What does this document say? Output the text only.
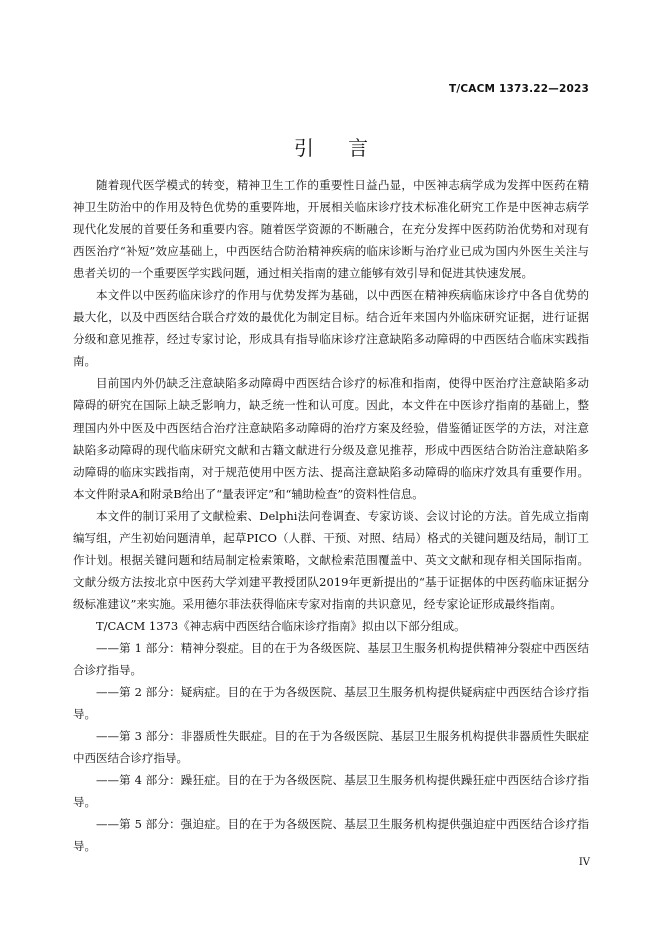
T/CACM 1373.22—2023
引 言

随着现代医学模式的转变，精神卫生工作的重要性日益凸显，中医神志病学成为发挥中医药在精神卫生防治中的作用及特色优势的重要阵地，开展相关临床诊疗技术标准化研究工作是中医神志病学现代化发展的首要任务和重要内容。随着医学资源的不断融合，在充分发挥中医药防治优势和对现有西医治疗“补短”效应基础上，中西医结合防治精神疾病的临床诊断与治疗业已成为国内外医生关注与患者关切的一个重要医学实践问题，通过相关指南的建立能够有效引导和促进其快速发展。

本文件以中医药临床诊疗的作用与优势发挥为基础，以中西医在精神疾病临床诊疗中各自优势的最大化，以及中西医结合联合疗效的最优化为制定目标。结合近年来国内外临床研究证据，进行证据分级和意见推荐，经过专家讨论，形成具有指导临床诊疗注意缺陷多动障碍的中西医结合临床实践指南。

目前国内外仍缺乏注意缺陷多动障碍中西医结合诊疗的标准和指南，使得中医治疗注意缺陷多动障碍的研究在国际上缺乏影响力，缺乏统一性和认可度。因此，本文件在中医诊疗指南的基础上，整理国内外中医及中西医结合治疗注意缺陷多动障碍的治疗方案及经验，借鉴循证医学的方法，对注意缺陷多动障碍的现代临床研究文献和古籍文献进行分级及意见推荐，形成中西医结合防治注意缺陷多动障碍的临床实践指南，对于规范使用中医方法、提高注意缺陷多动障碍的临床疗效具有重要作用。本文件附录A和附录B给出了“量表评定”和“辅助检查”的资料性信息。

本文件的制订采用了文献检索、Delphi法问卷调查、专家访谈、会议讨论的方法。首先成立指南编写组，产生初始问题清单，起草PICO（人群、干预、对照、结局）格式的关键问题及结局，制订工作计划。根据关键问题和结局制定检索策略，文献检索范围覆盖中、英文文献和现存相关国际指南。文献分级方法按北京中医药大学刘建平教授团队2019年更新提出的“基于证据体的中医药临床证据分级标准建议”来实施。采用德尔菲法获得临床专家对指南的共识意见，经专家论证形成最终指南。

T/CACM 1373《神志病中西医结合临床诊疗指南》拟由以下部分组成。

——第 1 部分：精神分裂症。目的在于为各级医院、基层卫生服务机构提供精神分裂症中西医结合诊疗指导。

——第 2 部分：疑病症。目的在于为各级医院、基层卫生服务机构提供疑病症中西医结合诊疗指导。

——第 3 部分：非器质性失眠症。目的在于为各级医院、基层卫生服务机构提供非器质性失眠症中西医结合诊疗指导。

——第 4 部分：躁狂症。目的在于为各级医院、基层卫生服务机构提供躁狂症中西医结合诊疗指导。

——第 5 部分：强迫症。目的在于为各级医院、基层卫生服务机构提供强迫症中西医结合诊疗指导。

IV
